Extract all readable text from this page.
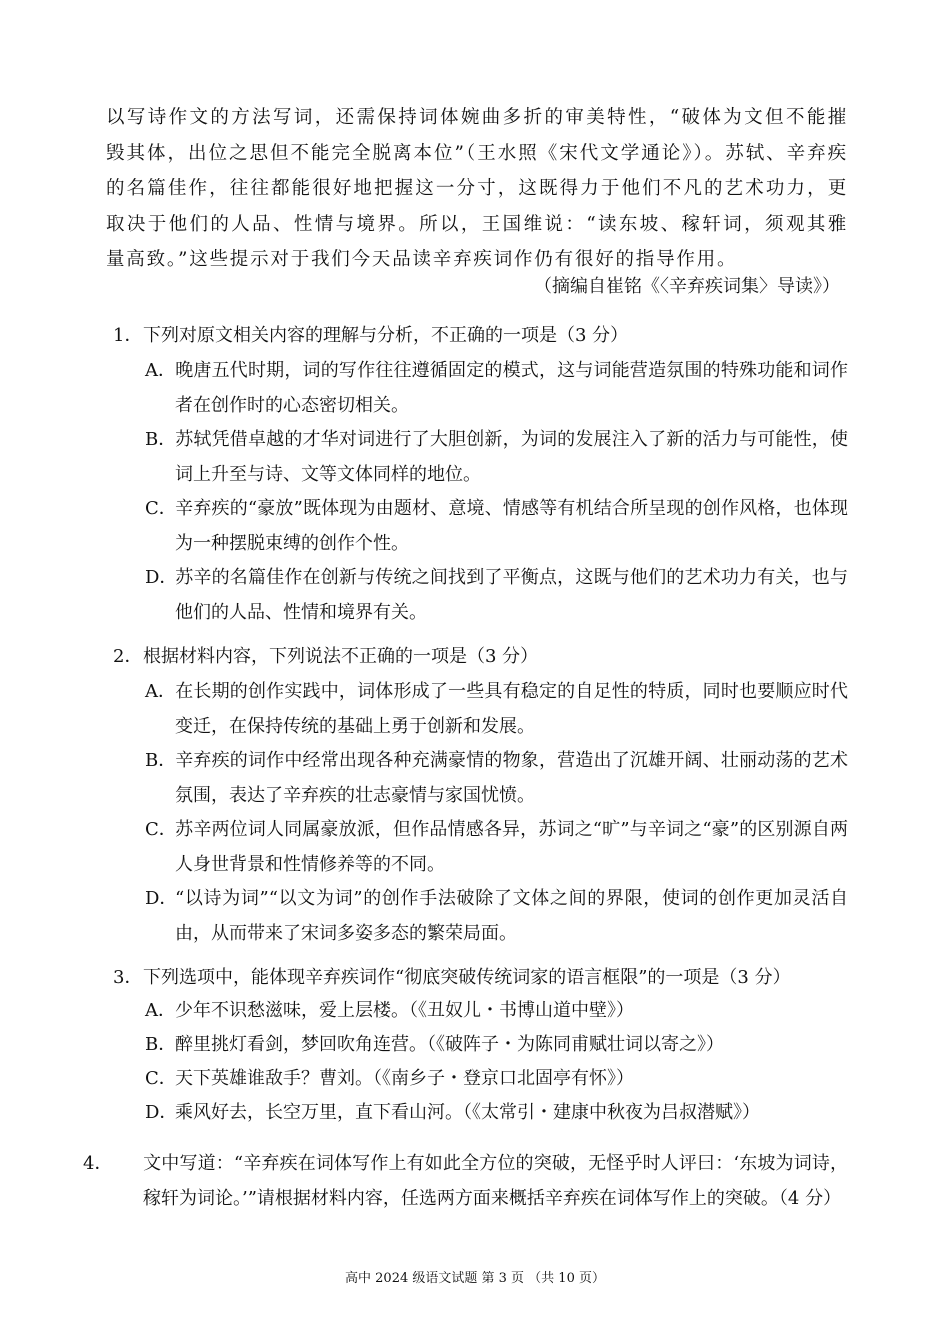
以写诗作文的方法写词，还需保持词体婉曲多折的审美特性，“破体为文但不能摧毁其体，出位之思但不能完全脱离本位”（王水照《宋代文学通论》）。苏轼、辛弃疾的名篇佳作，往往都能很好地把握这一分寸，这既得力于他们不凡的艺术功力，更取决于他们的人品、性情与境界。所以，王国维说：“读东坡、稼轩词，须观其雅量高致。”这些提示对于我们今天品读辛弃疾词作仍有很好的指导作用。

（摘编自崔铭《〈辛弃疾词集〉导读》）

1．下列对原文相关内容的理解与分析，不正确的一项是（3 分）

A．晚唐五代时期，词的写作往往遵循固定的模式，这与词能营造氛围的特殊功能和词作者在创作时的心态密切相关。

B．苏轼凭借卓越的才华对词进行了大胆创新，为词的发展注入了新的活力与可能性，使词上升至与诗、文等文体同样的地位。

C．辛弃疾的“豪放”既体现为由题材、意境、情感等有机结合所呈现的创作风格，也体现为一种摆脱束缚的创作个性。

D．苏辛的名篇佳作在创新与传统之间找到了平衡点，这既与他们的艺术功力有关，也与他们的人品、性情和境界有关。

2．根据材料内容，下列说法不正确的一项是（3 分）

A．在长期的创作实践中，词体形成了一些具有稳定的自足性的特质，同时也要顺应时代变迁，在保持传统的基础上勇于创新和发展。

B．辛弃疾的词作中经常出现各种充满豪情的物象，营造出了沉雄开阔、壮丽动荡的艺术氛围，表达了辛弃疾的壮志豪情与家国忧愤。

C．苏辛两位词人同属豪放派，但作品情感各异，苏词之“旷”与辛词之“豪”的区别源自两人身世背景和性情修养等的不同。

D．“以诗为词”“以文为词”的创作手法破除了文体之间的界限，使词的创作更加灵活自由，从而带来了宋词多姿多态的繁荣局面。

3．下列选项中，能体现辛弃疾词作“彻底突破传统词家的语言框限”的一项是（3 分）

A．少年不识愁滋味，爱上层楼。（《丑奴儿・书博山道中壁》）

B．醉里挑灯看剑，梦回吹角连营。（《破阵子・为陈同甫赋壮词以寄之》）

C．天下英雄谁敌手？曹刘。（《南乡子・登京口北固亭有怀》）

D．乘风好去，长空万里，直下看山河。（《太常引・建康中秋夜为吕叔潜赋》）

4． 文中写道：“辛弃疾在词体写作上有如此全方位的突破，无怪乎时人评曰：‘东坡为词诗，稼轩为词论。’”请根据材料内容，任选两方面来概括辛弃疾在词体写作上的突破。（4 分）

高中 2024 级语文试题 第 3 页 （共 10 页）
